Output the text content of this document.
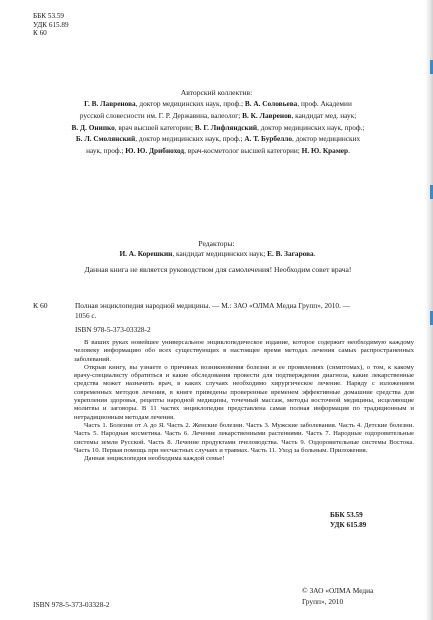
ББК 53.59
УДК 615.89
К 60
Авторский коллектив:
Г. В. Лавренова, доктор медицинских наук, проф.; В. А. Соловьева, проф. Академии
русской словесности им. Г. Р. Державина, валеолог; В. К. Лавренов, кандидат мед. наук;
В. Д. Онипко, врач высшей категории; В. Г. Лифляндский, доктор медицинских наук, проф.;
Б. Л. Смолянский, доктор медицинских наук, проф.; А. Т. Бурбелло, доктор медицинских
наук, проф.; Ю. Ю. Дрибноход, врач-косметолог высшей категории; Н. Ю. Крамер.
Редакторы:
И. А. Корешкин, кандидат медицинских наук; Е. В. Загарова.
Данная книга не является руководством для самолечения! Необходим совет врача!
К 60	Полная энциклопедия народной медицины. — М.: ЗАО «ОЛМА Медиа Групп», 2010. —
1056 с.
ISBN 978-5-373-03328-2

В ваших руках новейшее универсальное энциклопедическое издание, которое содержит необходимую каждому человеку информацию обо всех существующих в настоящее время методах лечения самых распространенных заболеваний.

Открыв книгу, вы узнаете о причинах возникновения болезни и ее проявлениях (симптомах), о том, к какому врачу-специалисту обратиться и какие обследования провести для подтверждения диагноза, какие лекарственные средства может назначить врач, в каких случаях необходимо хирургическое лечение. Наряду с изложением современных методов лечения, в книге приведены проверенные временем эффективные домашние средства для укрепления здоровья, рецепты народной медицины, точечный массаж, методы восточной медицины, исцеляющие молитвы и заговоры. В 11 частях энциклопедии представлена самая полная информация по традиционным и нетрадиционным методам лечения.

Часть 1. Болезни от А до Я. Часть 2. Женские болезни. Часть 3. Мужские заболевания. Часть 4. Детские болезни. Часть 5. Народная косметика. Часть 6. Лечение лекарственными растениями. Часть 7. Народные оздоровительные системы земли Русской. Часть 8. Лечение продуктами пчеловодства. Часть 9. Оздоровительные системы Востока. Часть 10. Первая помощь при несчастных случаях и травмах. Часть 11. Уход за больным. Приложения.

Данная энциклопедия необходима каждой семье!

ББК 53.59
УДК 615.89
ISBN 978-5-373-03328-2
© ЗАО «ОЛМА Медиа
Групп», 2010
